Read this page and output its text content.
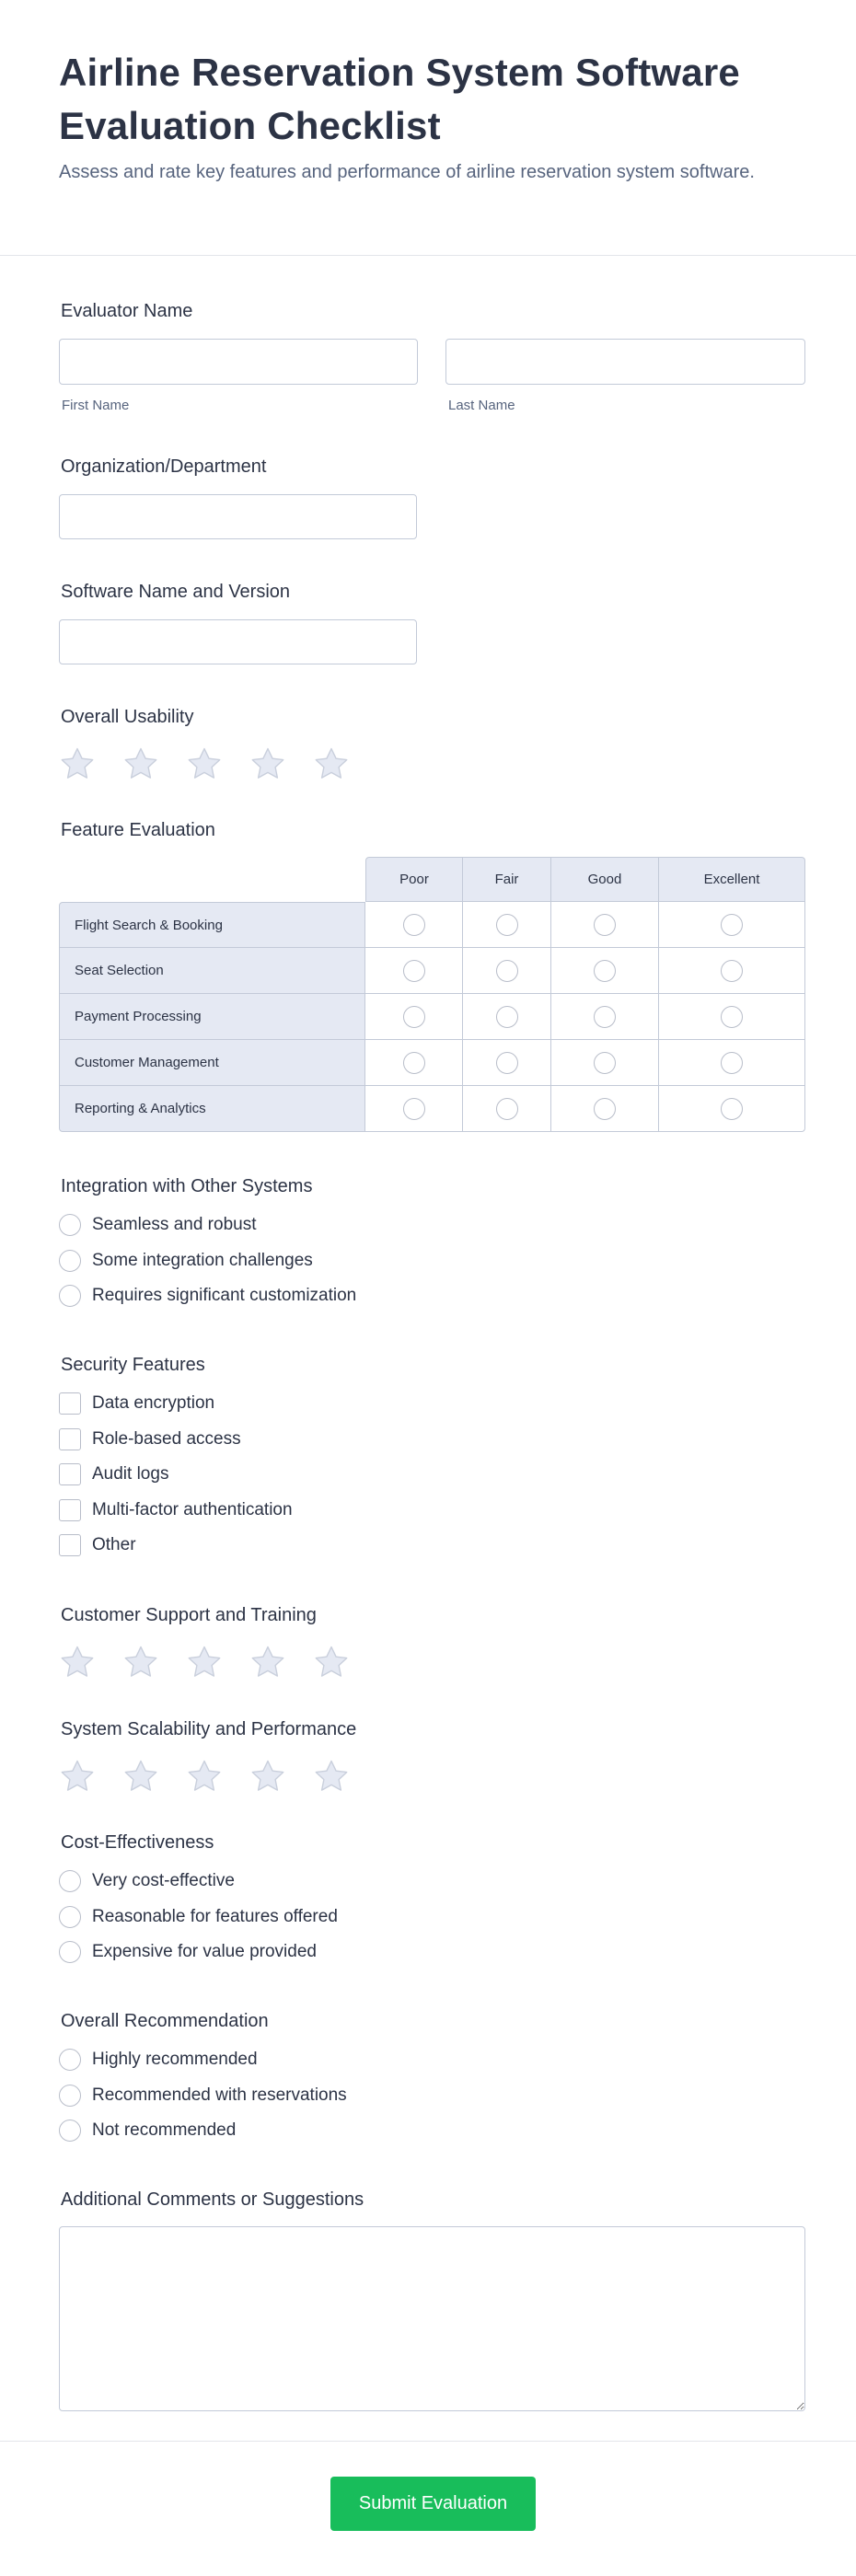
Airline Reservation System Software Evaluation Checklist

Assess and rate key features and performance of airline reservation system software.

Evaluator Name
First Name	Last Name
Organization/Department
Software Name and Version
Overall Usability
Feature Evaluation
	Poor	Fair	Good	Excellent
Flight Search & Booking				
Seat Selection				
Payment Processing				
Customer Management				
Reporting & Analytics				
Integration with Other Systems
Seamless and robust
Some integration challenges
Requires significant customization
Security Features
Data encryption
Role-based access
Audit logs
Multi-factor authentication
Other
Customer Support and Training
System Scalability and Performance
Cost-Effectiveness
Very cost-effective
Reasonable for features offered
Expensive for value provided
Overall Recommendation
Highly recommended
Recommended with reservations
Not recommended
Additional Comments or Suggestions
Submit Evaluation
